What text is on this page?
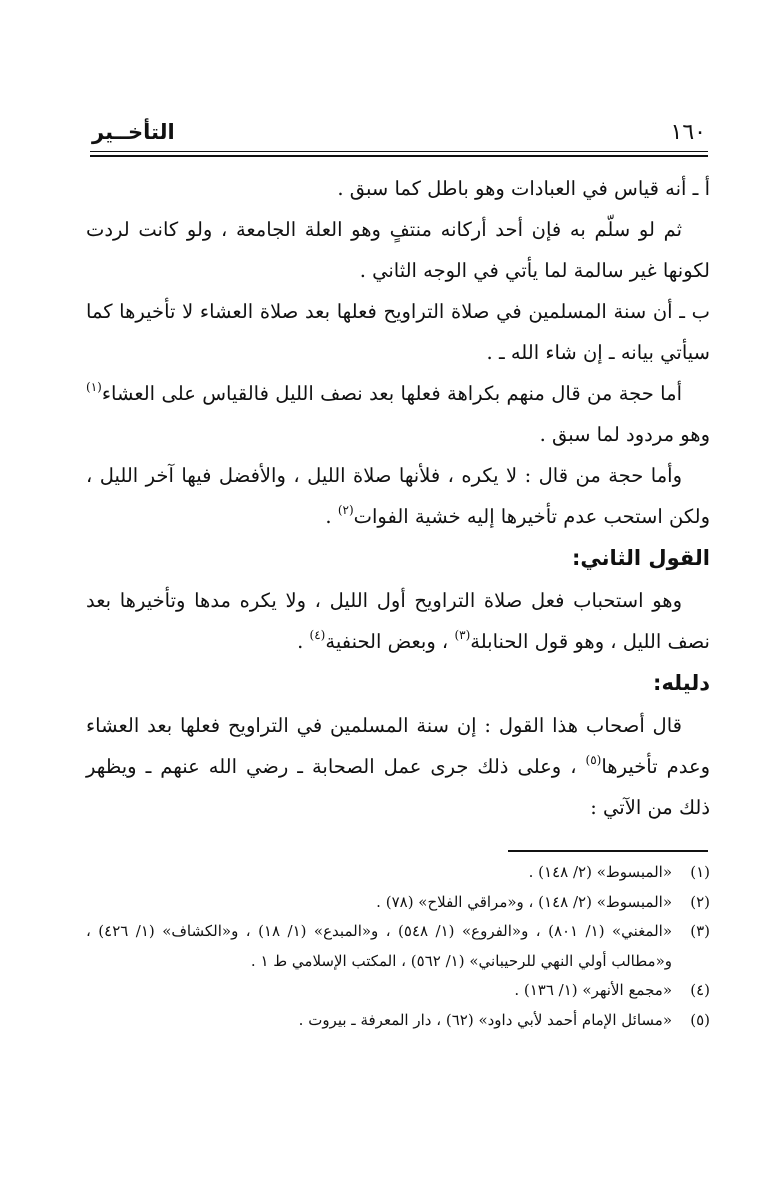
١٦٠
التأخــير

أ ـ أنه قياس في العبادات وهو باطل كما سبق .

ثم لو سلّم به فإن أحد أركانه منتفٍ وهو العلة الجامعة ، ولو كانت لردت لكونها غير سالمة لما يأتي في الوجه الثاني .

ب ـ أن سنة المسلمين في صلاة التراويح فعلها بعد صلاة العشاء لا تأخيرها كما سيأتي بيانه ـ إن شاء الله ـ .

أما حجة من قال منهم بكراهة فعلها بعد نصف الليل فالقياس على العشاء$^{(١)}$ وهو مردود لما سبق .

وأما حجة من قال : لا يكره ، فلأنها صلاة الليل ، والأفضل فيها آخر الليل ، ولكن استحب عدم تأخيرها إليه خشية الفوات$^{(٢)}$ .

القول الثاني:

وهو استحباب فعل صلاة التراويح أول الليل ، ولا يكره مدها وتأخيرها بعد نصف الليل ، وهو قول الحنابلة$^{(٣)}$ ، وبعض الحنفية$^{(٤)}$ .

دليله:

قال أصحاب هذا القول : إن سنة المسلمين في التراويح فعلها بعد العشاء وعدم تأخيرها$^{(٥)}$ ، وعلى ذلك جرى عمل الصحابة ـ رضي الله عنهم ـ ويظهر ذلك من الآتي :

(١)
«المبسوط» (٢/ ١٤٨) .
(٢)
«المبسوط» (٢/ ١٤٨) ، و«مراقي الفلاح» (٧٨) .
(٣)
«المغني» (١/ ٨٠١) ، و«الفروع» (١/ ٥٤٨) ، و«المبدع» (١/ ١٨) ، و«الكشاف» (١/ ٤٢٦) ، و«مطالب أولي النهي للرحيباني» (١/ ٥٦٢) ، المكتب الإسلامي ط ١ .
(٤)
«مجمع الأنهر» (١/ ١٣٦) .
(٥)
«مسائل الإمام أحمد لأبي داود» (٦٢) ، دار المعرفة ـ بيروت .
